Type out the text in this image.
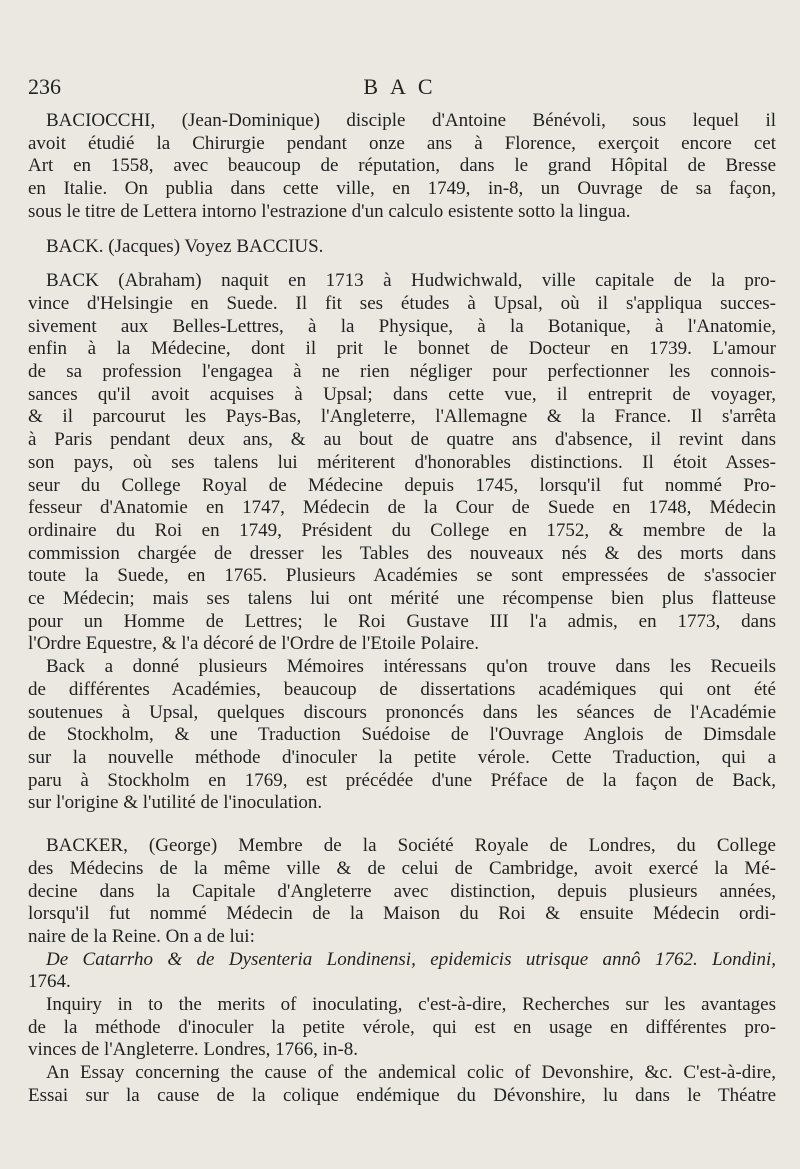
236	BAC
BACIOCCHI, (Jean-Dominique) disciple d'Antoine Bénévoli, sous lequel il
avoit étudié la Chirurgie pendant onze ans à Florence, exerçoit encore cet
Art en 1558, avec beaucoup de réputation, dans le grand Hôpital de Bresse
en Italie. On publia dans cette ville, en 1749, in-8, un Ouvrage de sa façon,
sous le titre de Lettera intorno l'estrazione d'un calculo esistente sotto la lingua.
BACK. (Jacques) Voyez BACCIUS.
BACK (Abraham) naquit en 1713 à Hudwichwald, ville capitale de la pro-
vince d'Helsingie en Suede. Il fit ses études à Upsal, où il s'appliqua succes-
sivement aux Belles-Lettres, à la Physique, à la Botanique, à l'Anatomie,
enfin à la Médecine, dont il prit le bonnet de Docteur en 1739. L'amour
de sa profession l'engagea à ne rien négliger pour perfectionner les connois-
sances qu'il avoit acquises à Upsal; dans cette vue, il entreprit de voyager,
& il parcourut les Pays-Bas, l'Angleterre, l'Allemagne & la France. Il s'arrêta
à Paris pendant deux ans, & au bout de quatre ans d'absence, il revint dans
son pays, où ses talens lui mériterent d'honorables distinctions. Il étoit Asses-
seur du College Royal de Médecine depuis 1745, lorsqu'il fut nommé Pro-
fesseur d'Anatomie en 1747, Médecin de la Cour de Suede en 1748, Médecin
ordinaire du Roi en 1749, Président du College en 1752, & membre de la
commission chargée de dresser les Tables des nouveaux nés & des morts dans
toute la Suede, en 1765. Plusieurs Académies se sont empressées de s'associer
ce Médecin; mais ses talens lui ont mérité une récompense bien plus flatteuse
pour un Homme de Lettres; le Roi Gustave III l'a admis, en 1773, dans
l'Ordre Equestre, & l'a décoré de l'Ordre de l'Etoile Polaire.
Back a donné plusieurs Mémoires intéressans qu'on trouve dans les Recueils
de différentes Académies, beaucoup de dissertations académiques qui ont été
soutenues à Upsal, quelques discours prononcés dans les séances de l'Académie
de Stockholm, & une Traduction Suédoise de l'Ouvrage Anglois de Dimsdale
sur la nouvelle méthode d'inoculer la petite vérole. Cette Traduction, qui a
paru à Stockholm en 1769, est précédée d'une Préface de la façon de Back,
sur l'origine & l'utilité de l'inoculation.
BACKER, (George) Membre de la Société Royale de Londres, du College
des Médecins de la même ville & de celui de Cambridge, avoit exercé la Mé-
decine dans la Capitale d'Angleterre avec distinction, depuis plusieurs années,
lorsqu'il fut nommé Médecin de la Maison du Roi & ensuite Médecin ordi-
naire de la Reine. On a de lui:
De Catarrho & de Dysenteria Londinensi, epidemicis utrisque annô 1762. Londini,
1764.
Inquiry in to the merits of inoculating, c'est-à-dire, Recherches sur les avantages
de la méthode d'inoculer la petite vérole, qui est en usage en différentes pro-
vinces de l'Angleterre. Londres, 1766, in-8.
An Essay concerning the cause of the andemical colic of Devonshire, &c. C'est-à-dire,
Essai sur la cause de la colique endémique du Dévonshire, lu dans le Théatre
